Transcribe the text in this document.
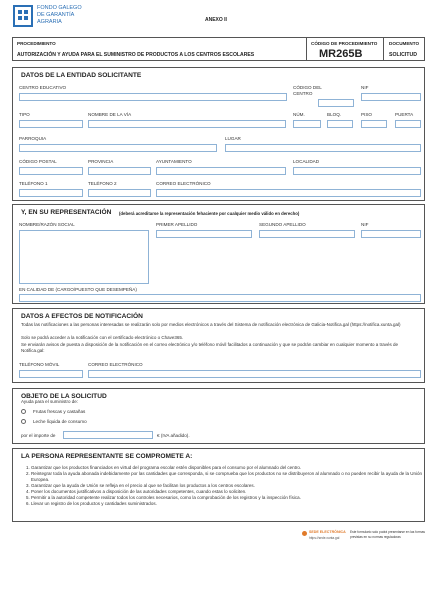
FONDO GALEGO
DE GARANTÍA
AGRARIA	ANEXO II
PROCEDIMIENTO
AUTORIZACIÓN Y AYUDA PARA EL SUMINISTRO DE PRODUCTOS A LOS CENTROS ESCOLARES
CÓDIGO DE PROCEDIMIENTO
MR265B
DOCUMENTO
SOLICITUD
DATOS DE LA ENTIDAD SOLICITANTE
CENTRO EDUCATIVO	CÓDIGO DEL CENTRO
NIF
TIPO	NOMBRE DE LA VÍA	NÚM.	BLOQ.	PISO	PUERTA
PARROQUIA	LUGAR
CÓDIGO POSTAL	PROVINCIA	AYUNTAMIENTO	LOCALIDAD
TELÉFONO 1	TELÉFONO 2	CORREO ELECTRÓNICO
Y, EN SU REPRESENTACIÓN (deberá acreditarse la representación fehaciente por cualquier medio válido en derecho)
NOMBRE/RAZÓN SOCIAL	PRIMER APELLIDO	SEGUNDO APELLIDO	NIF
EN CALIDAD DE (CARGO/PUESTO QUE DESEMPEÑA)
DATOS A EFECTOS DE NOTIFICACIÓN
Todas las notificaciones a las personas interesadas se realizarán solo por medios electrónicos a través del Sistema de notificación electrónica de Galicia-Notifica.gal (https://notifica.xunta.gal)
Solo se podrá acceder a la notificación con el certificado electrónico o Chave365.
Se enviarán avisos de puesta a disposición de la notificación en el correo electrónico y/o teléfono móvil facilitados a continuación y que se podrán cambiar en cualquier momento a través de Notifica.gal:
TELÉFONO MÓVIL	CORREO ELECTRÓNICO
OBJETO DE LA SOLICITUD
Ayuda para el suministro de:
Frutas frescas y castañas
Leche líquida de consumo
por el importe de	€ (IVA añadido).
LA PERSONA REPRESENTANTE SE COMPROMETE A:
1. Garantizar que los productos financiados en virtud del programa escolar estén disponibles para el consumo por el alumnado del centro.
2. Reintegrar toda la ayuda abonada indebidamente por las cantidades que corresponda, si se comprueba que los productos no se distribuyeron al alumnado o no pueden recibir la ayuda de la Unión Europea.
3. Garantizar que la ayuda de Unión se refleja en el precio al que se facilitan los productos a los centros escolares.
4. Poner los documentos justificativos a disposición de las autoridades competentes, cuando estas lo soliciten.
5. Permitir a la autoridad competente realizar todos los controles necesarios, como la comprobación de los registros y la inspección física.
6. Llevar un registro de los productos y cantidades suministrados.
SEDE ELECTRÓNICA
https://sede.xunta.gal
Este formulario solo podrá presentarse en las formas previstas en su normas reguladoras
